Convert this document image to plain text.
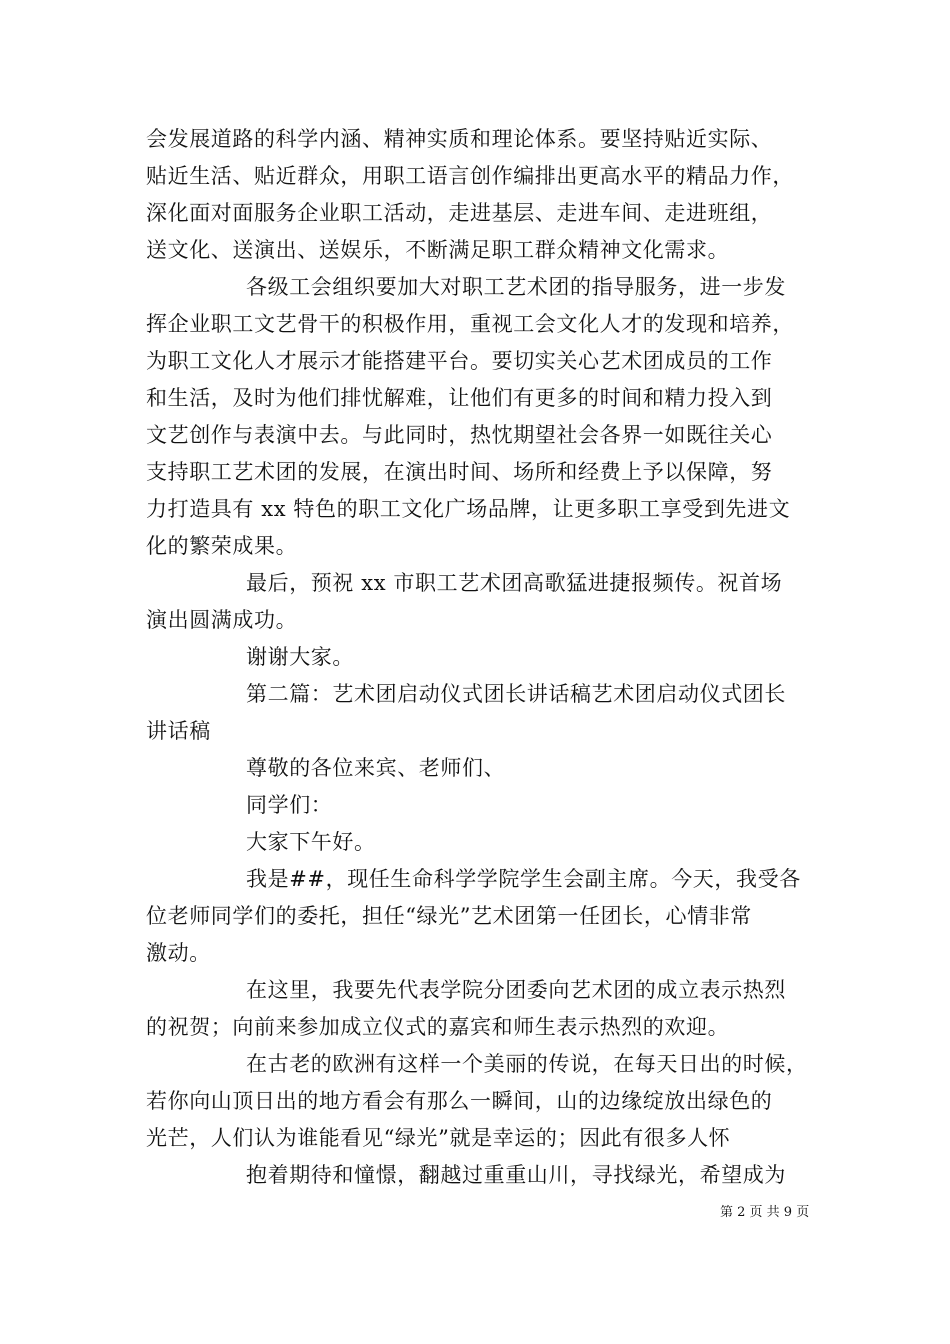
会发展道路的科学内涵、精神实质和理论体系。要坚持贴近实际、
贴近生活、贴近群众，用职工语言创作编排出更高水平的精品力作，
深化面对面服务企业职工活动，走进基层、走进车间、走进班组，
送文化、送演出、送娱乐，不断满足职工群众精神文化需求。
各级工会组织要加大对职工艺术团的指导服务，进一步发
挥企业职工文艺骨干的积极作用，重视工会文化人才的发现和培养，
为职工文化人才展示才能搭建平台。要切实关心艺术团成员的工作
和生活，及时为他们排忧解难，让他们有更多的时间和精力投入到
文艺创作与表演中去。与此同时，热忱期望社会各界一如既往关心
支持职工艺术团的发展，在演出时间、场所和经费上予以保障，努
力打造具有 xx 特色的职工文化广场品牌，让更多职工享受到先进文
化的繁荣成果。
最后，预祝 xx 市职工艺术团高歌猛进捷报频传。祝首场
演出圆满成功。
谢谢大家。
第二篇：艺术团启动仪式团长讲话稿艺术团启动仪式团长
讲话稿
尊敬的各位来宾、老师们、
同学们：
大家下午好。
我是##，现任生命科学学院学生会副主席。今天，我受各
位老师同学们的委托，担任“绿光”艺术团第一任团长，心情非常
激动。
在这里，我要先代表学院分团委向艺术团的成立表示热烈
的祝贺；向前来参加成立仪式的嘉宾和师生表示热烈的欢迎。
在古老的欧洲有这样一个美丽的传说，在每天日出的时候，
若你向山顶日出的地方看会有那么一瞬间，山的边缘绽放出绿色的
光芒，人们认为谁能看见“绿光”就是幸运的；因此有很多人怀
抱着期待和憧憬，翻越过重重山川，寻找绿光，希望成为
第 2 页 共 9 页
